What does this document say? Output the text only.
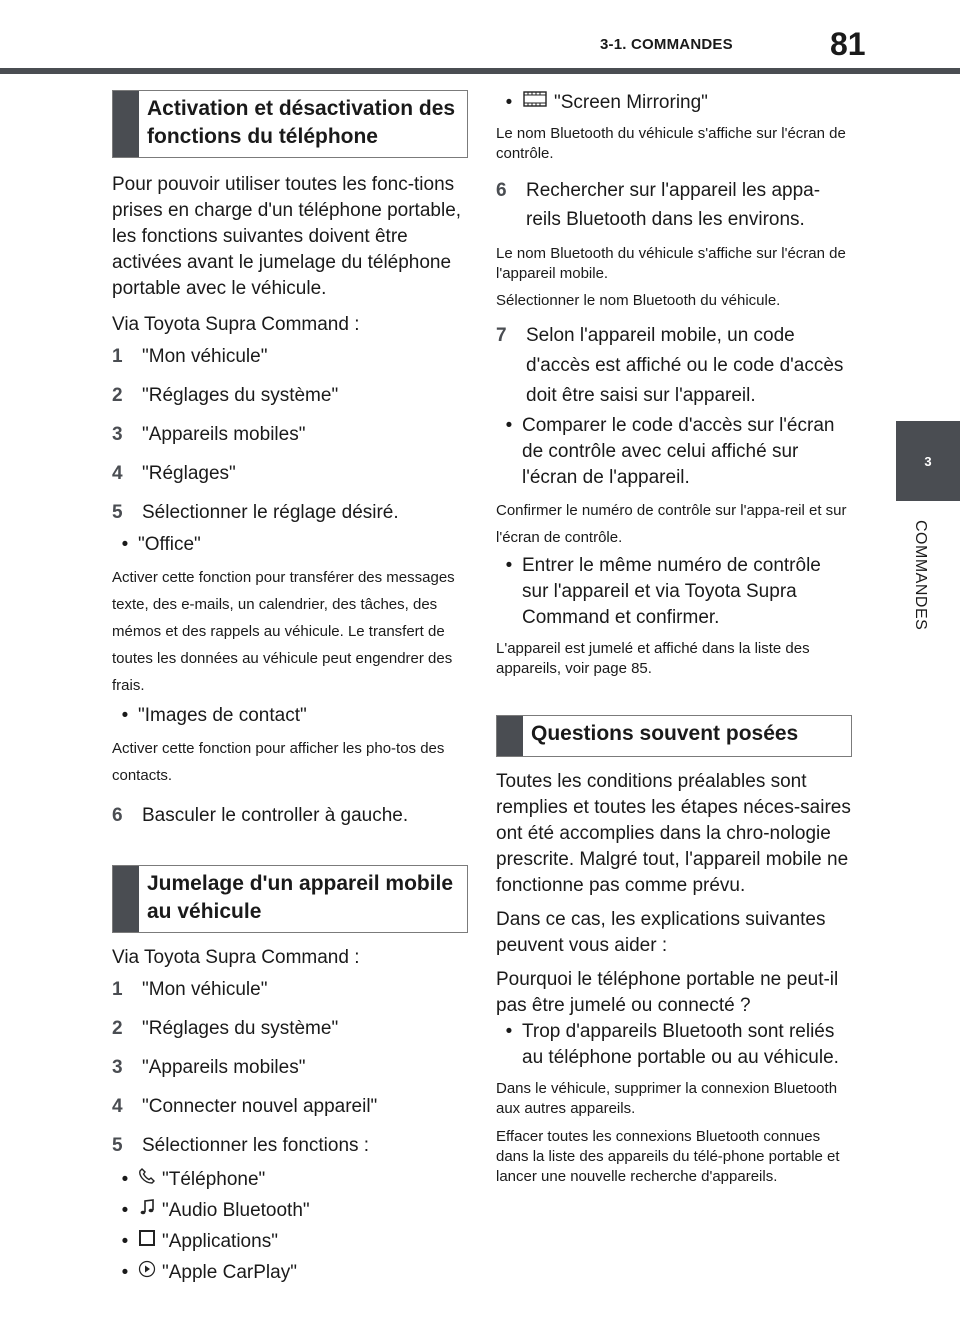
3-1. COMMANDES	81
3
COMMANDES
Activation et désactivation des fonctions du téléphone

Pour pouvoir utiliser toutes les fonc-tions prises en charge d'un téléphone portable, les fonctions suivantes doivent être activées avant le jumelage du téléphone portable avec le véhicule.

Via Toyota Supra Command :

1	"Mon véhicule"
2	"Réglages du système"
3	"Appareils mobiles"
4	"Réglages"
5	Sélectionner le réglage désiré.
• "Office"

Activer cette fonction pour transférer des messages texte, des e-mails, un calendrier, des tâches, des mémos et des rappels au véhicule. Le transfert de toutes les données au véhicule peut engendrer des frais.

• "Images de contact"

Activer cette fonction pour afficher les pho-tos des contacts.

6	Basculer le controller à gauche.
Jumelage d'un appareil mobile au véhicule

Via Toyota Supra Command :

1	"Mon véhicule"
2	"Réglages du système"
3	"Appareils mobiles"
4	"Connecter nouvel appareil"
5	Sélectionner les fonctions :
•	"Téléphone"
•	"Audio Bluetooth"
•	"Applications"
•	"Apple CarPlay"
•	"Screen Mirroring"

Le nom Bluetooth du véhicule s'affiche sur l'écran de contrôle.

6	Rechercher sur l'appareil les appa-reils Bluetooth dans les environs.

Le nom Bluetooth du véhicule s'affiche sur l'écran de l'appareil mobile.

Sélectionner le nom Bluetooth du véhicule.

7	Selon l'appareil mobile, un code d'accès est affiché ou le code d'accès doit être saisi sur l'appareil.
• Comparer le code d'accès sur l'écran de contrôle avec celui affiché sur l'écran de l'appareil.

Confirmer le numéro de contrôle sur l'appa-reil et sur l'écran de contrôle.

• Entrer le même numéro de contrôle sur l'appareil et via Toyota Supra Command et confirmer.

L'appareil est jumelé et affiché dans la liste des appareils, voir page 85.

Questions souvent posées

Toutes les conditions préalables sont remplies et toutes les étapes néces-saires ont été accomplies dans la chro-nologie prescrite. Malgré tout, l'appareil mobile ne fonctionne pas comme prévu.

Dans ce cas, les explications suivantes peuvent vous aider :

Pourquoi le téléphone portable ne peut-il pas être jumelé ou connecté ?

• Trop d'appareils Bluetooth sont reliés au téléphone portable ou au véhicule.

Dans le véhicule, supprimer la connexion Bluetooth aux autres appareils.

Effacer toutes les connexions Bluetooth connues dans la liste des appareils du télé-phone portable et lancer une nouvelle recherche d'appareils.
